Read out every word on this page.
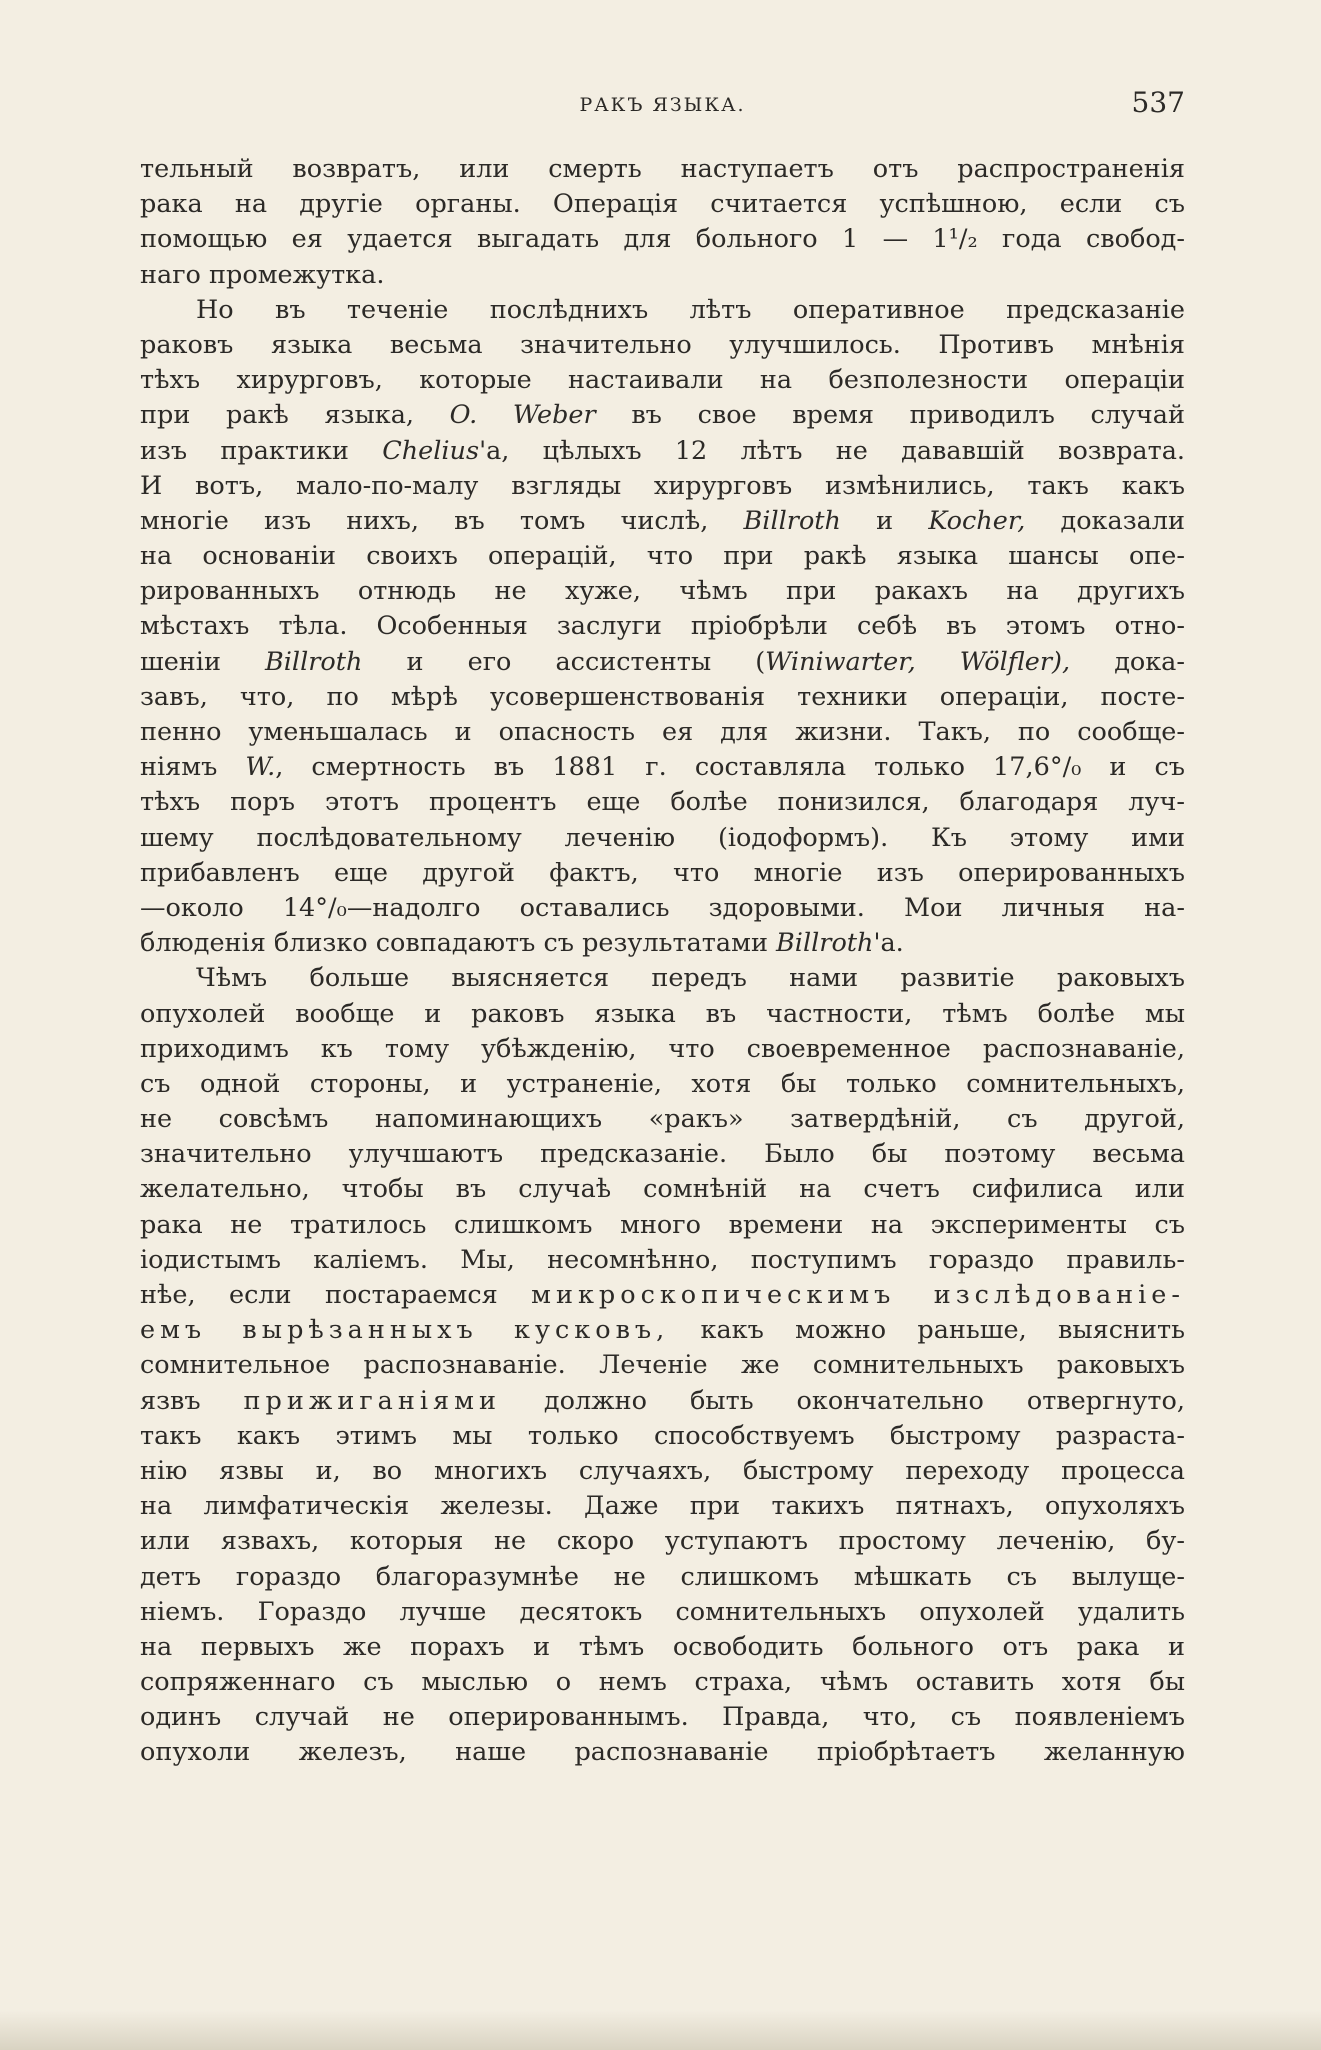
РАКЪ ЯЗЫКА.	537
тельный возвратъ, или смерть наступаетъ отъ распространенія
рака на другіе органы. Операція считается успѣшною, если съ
помощью ея удается выгадать для больного 1 — 1¹/₂ года свобод-
наго промежутка.
Но въ теченіе послѣднихъ лѣтъ оперативное предсказаніе
раковъ языка весьма значительно улучшилось. Противъ мнѣнія
тѣхъ хирурговъ, которые настаивали на безполезности операціи
при ракѣ языка, O. Weber въ свое время приводилъ случай
изъ практики Chelius'а, цѣлыхъ 12 лѣтъ не дававшій возврата.
И вотъ, мало-по-малу взгляды хирурговъ измѣнились, такъ какъ
многіе изъ нихъ, въ томъ числѣ, Billroth и Kocher, доказали
на основаніи своихъ операцій, что при ракѣ языка шансы опе-
рированныхъ отнюдь не хуже, чѣмъ при ракахъ на другихъ
мѣстахъ тѣла. Особенныя заслуги пріобрѣли себѣ въ этомъ отно-
шеніи Billroth и его ассистенты (Winiwarter, Wölfler), дока-
завъ, что, по мѣрѣ усовершенствованія техники операціи, посте-
пенно уменьшалась и опасность ея для жизни. Такъ, по сообще-
ніямъ W., смертность въ 1881 г. составляла только 17,6°/₀ и съ
тѣхъ поръ этотъ процентъ еще болѣе понизился, благодаря луч-
шему послѣдовательному леченію (іодоформъ). Къ этому ими
прибавленъ еще другой фактъ, что многіе изъ оперированныхъ
—около 14°/₀—надолго оставались здоровыми. Мои личныя на-
блюденія близко совпадаютъ съ результатами Billroth'а.
Чѣмъ больше выясняется передъ нами развитіе раковыхъ
опухолей вообще и раковъ языка въ частности, тѣмъ болѣе мы
приходимъ къ тому убѣжденію, что своевременное распознаваніе,
съ одной стороны, и устраненіе, хотя бы только сомнительныхъ,
не совсѣмъ напоминающихъ «ракъ» затвердѣній, съ другой,
значительно улучшаютъ предсказаніе. Было бы поэтому весьма
желательно, чтобы въ случаѣ сомнѣній на счетъ сифилиса или
рака не тратилось слишкомъ много времени на эксперименты съ
іодистымъ каліемъ. Мы, несомнѣнно, поступимъ гораздо правиль-
нѣе, если постараемся микроскопическимъ изслѣдованіе-
емъ вырѣзанныхъ кусковъ, какъ можно раньше, выяснить
сомнительное распознаваніе. Леченіе же сомнительныхъ раковыхъ
язвъ прижиганіями должно быть окончательно отвергнуто,
такъ какъ этимъ мы только способствуемъ быстрому разраста-
нію язвы и, во многихъ случаяхъ, быстрому переходу процесса
на лимфатическія железы. Даже при такихъ пятнахъ, опухоляхъ
или язвахъ, которыя не скоро уступаютъ простому леченію, бу-
детъ гораздо благоразумнѣе не слишкомъ мѣшкать съ вылуще-
ніемъ. Гораздо лучше десятокъ сомнительныхъ опухолей удалить
на первыхъ же порахъ и тѣмъ освободить больного отъ рака и
сопряженнаго съ мыслью о немъ страха, чѣмъ оставить хотя бы
одинъ случай не оперированнымъ. Правда, что, съ появленіемъ
опухоли железъ, наше распознаваніе пріобрѣтаетъ желанную
